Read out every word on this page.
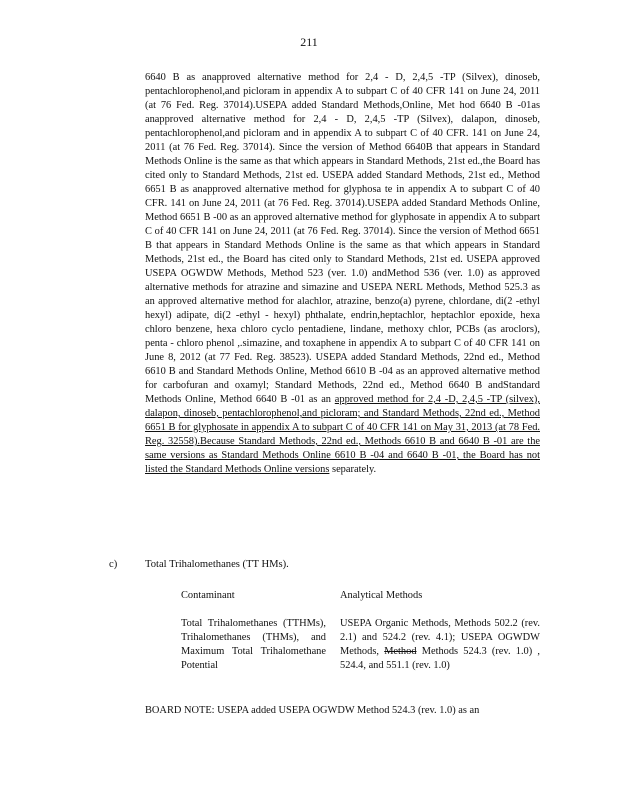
211

6640 B as anapproved alternative method for 2,4 - D, 2,4,5 -TP (Silvex), dinoseb, pentachlorophenol,and picloram in appendix A to subpart C of 40 CFR 141 on June 24, 2011 (at 76 Fed. Reg. 37014).USEPA added Standard Methods,Online, Met hod 6640 B -01as anapproved alternative method for 2,4 - D, 2,4,5 -TP (Silvex), dalapon, dinoseb, pentachlorophenol,and picloram and in appendix A to subpart C of 40 CFR. 141 on June 24, 2011 (at 76 Fed. Reg. 37014). Since the version of Method 6640B that appears in Standard Methods Online is the same as that which appears in Standard Methods, 21st ed.,the Board has cited only to Standard Methods, 21st ed. USEPA added Standard Methods, 21st ed., Method 6651 B as anapproved alternative method for glyphosa te in appendix A to subpart C of 40 CFR. 141 on June 24, 2011 (at 76 Fed. Reg. 37014).USEPA added Standard Methods Online, Method 6651 B -00 as an approved alternative method for glyphosate in appendix A to subpart C of 40 CFR 141 on June 24, 2011 (at 76 Fed. Reg. 37014). Since the version of Method 6651 B that appears in Standard Methods Online is the same as that which appears in Standard Methods, 21st ed., the Board has cited only to Standard Methods, 21st ed. USEPA approved USEPA OGWDW Methods, Method 523 (ver. 1.0) andMethod 536 (ver. 1.0) as approved alternative methods for atrazine and simazine and USEPA NERL Methods, Method 525.3 as an approved alternative method for alachlor, atrazine, benzo(a) pyrene, chlordane, di(2 -ethyl hexyl) adipate, di(2 -ethyl - hexyl) phthalate, endrin,heptachlor, heptachlor epoxide, hexa chloro benzene, hexa chloro cyclo pentadiene, lindane, methoxy chlor, PCBs (as aroclors), penta - chloro phenol ,.simazine, and toxaphene in appendix A to subpart C of 40 CFR 141 on June 8, 2012 (at 77 Fed. Reg. 38523). USEPA added Standard Methods, 22nd ed., Method 6610 B and Standard Methods Online, Method 6610 B -04 as an approved alternative method for carbofuran and oxamyl; Standard Methods, 22nd ed., Method 6640 B andStandard Methods Online, Method 6640 B -01 as an approved method for 2,4 -D, 2,4,5 -TP (silvex), dalapon, dinoseb, pentachlorophenol,and picloram; and Standard Methods, 22nd ed., Method 6651 B for glyphosate in appendix A to subpart C of 40 CFR 141 on May 31, 2013 (at 78 Fed. Reg. 32558).Because Standard Methods, 22nd ed., Methods 6610 B and 6640 B -01 are the same versions as Standard Methods Online 6610 B -04 and 6640 B -01, the Board has not listed the Standard Methods Online versions separately.

c)	Total Trihalomethanes (TT HMs).
Contaminant	Analytical Methods

Total Trihalomethanes (TTHMs), Trihalomethanes (THMs), and Maximum Total Trihalomethane Potential

USEPA Organic Methods, Methods 502.2 (rev. 2.1) and 524.2 (rev. 4.1); USEPA OGWDW Methods, Method Methods 524.3 (rev. 1.0) , 524.4, and 551.1 (rev. 1.0)

BOARD NOTE: USEPA added USEPA OGWDW Method 524.3 (rev. 1.0) as an
